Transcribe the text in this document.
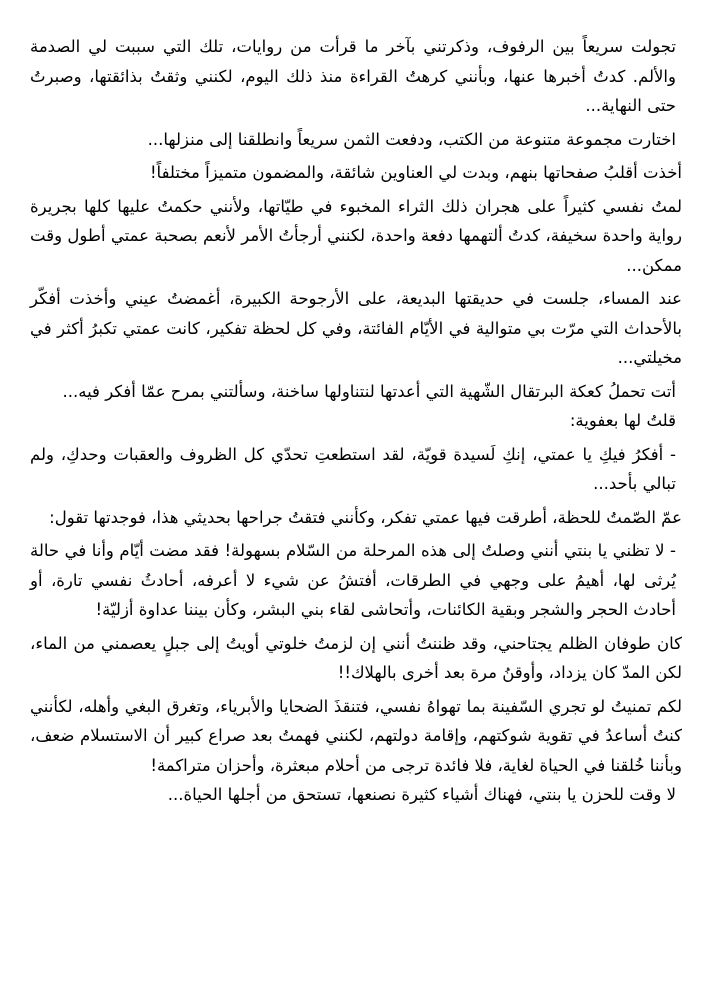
تجولت سريعاً بين الرفوف، وذكرتني بآخر ما قرأت من روايات، تلك التي سببت لي الصدمة والألم. كدتُ أخبرها عنها، وبأنني كرهتُ القراءة منذ ذلك اليوم، لكنني وثقتُ بذائقتها، وصبرتُ حتى النهاية...

اختارت مجموعة متنوعة من الكتب، ودفعت الثمن سريعاً وانطلقنا إلى منزلها...

أخذت أقلبُ صفحاتها بنهم، وبدت لي العناوين شائقة، والمضمون متميزاً مختلفاً!

لمتُ نفسي كثيراً على هجران ذلك الثراء المخبوء في طيّاتها، ولأنني حكمتُ عليها كلها بجريرة رواية واحدة سخيفة، كدتُ ألتهمها دفعة واحدة، لكنني أرجأتُ الأمر لأنعم بصحبة عمتي أطول وقت ممكن...

عند المساء، جلست في حديقتها البديعة، على الأرجوحة الكبيرة، أغمضتُ عيني وأخذت أفكّر بالأحداث التي مرّت بي متوالية في الأيّام الفائتة، وفي كل لحظة تفكير، كانت عمتي تكبرُ أكثر في مخيلتي...

أتت تحملُ كعكة البرتقال الشّهية التي أعدتها لنتناولها ساخنة، وسألتني بمرح عمّا أفكر فيه...

قلتُ لها بعفوية:

- أفكرُ فيكِ يا عمتي، إنكِ لَسيدة قويّة، لقد استطعتِ تحدّي كل الظروف والعقبات وحدكِ، ولم تبالي بأحد...

عمّ الصّمتُ للحظة، أطرقت فيها عمتي تفكر، وكأنني فتقتُ جراحها بحديثي هذا، فوجدتها تقول:

- لا تظني يا بنتي أنني وصلتُ إلى هذه المرحلة من السّلام بسهولة! فقد مضت أيّام وأنا في حالة يُرثى لها، أهيمُ على وجهي في الطرقات، أفتشُ عن شيء لا أعرفه، أحادثُ نفسي تارة، أو أحادث الحجر والشجر وبقية الكائنات، وأتحاشى لقاء بني البشر، وكأن بيننا عداوة أزليّة!

كان طوفان الظلم يجتاحني، وقد ظننتُ أنني إن لزمتُ خلوتي أويتُ إلى جبلٍ يعصمني من الماء، لكن المدّ كان يزداد، وأوقنُ مرة بعد أخرى بالهلاك!!

لكم تمنيتُ لو تجري السّفينة بما تهواهُ نفسي، فتنقذَ الضحايا والأبرياء، وتغرق البغي وأهله، لكأنني كنتُ أساعدُ في تقوية شوكتهم، وإقامة دولتهم، لكنني فهمتُ بعد صراع كبير أن الاستسلام ضعف، وبأننا خُلقنا في الحياة لغاية، فلا فائدة ترجى من أحلام مبعثرة، وأحزان متراكمة!

لا وقت للحزن يا بنتي، فهناك أشياء كثيرة نصنعها، تستحق من أجلها الحياة...
